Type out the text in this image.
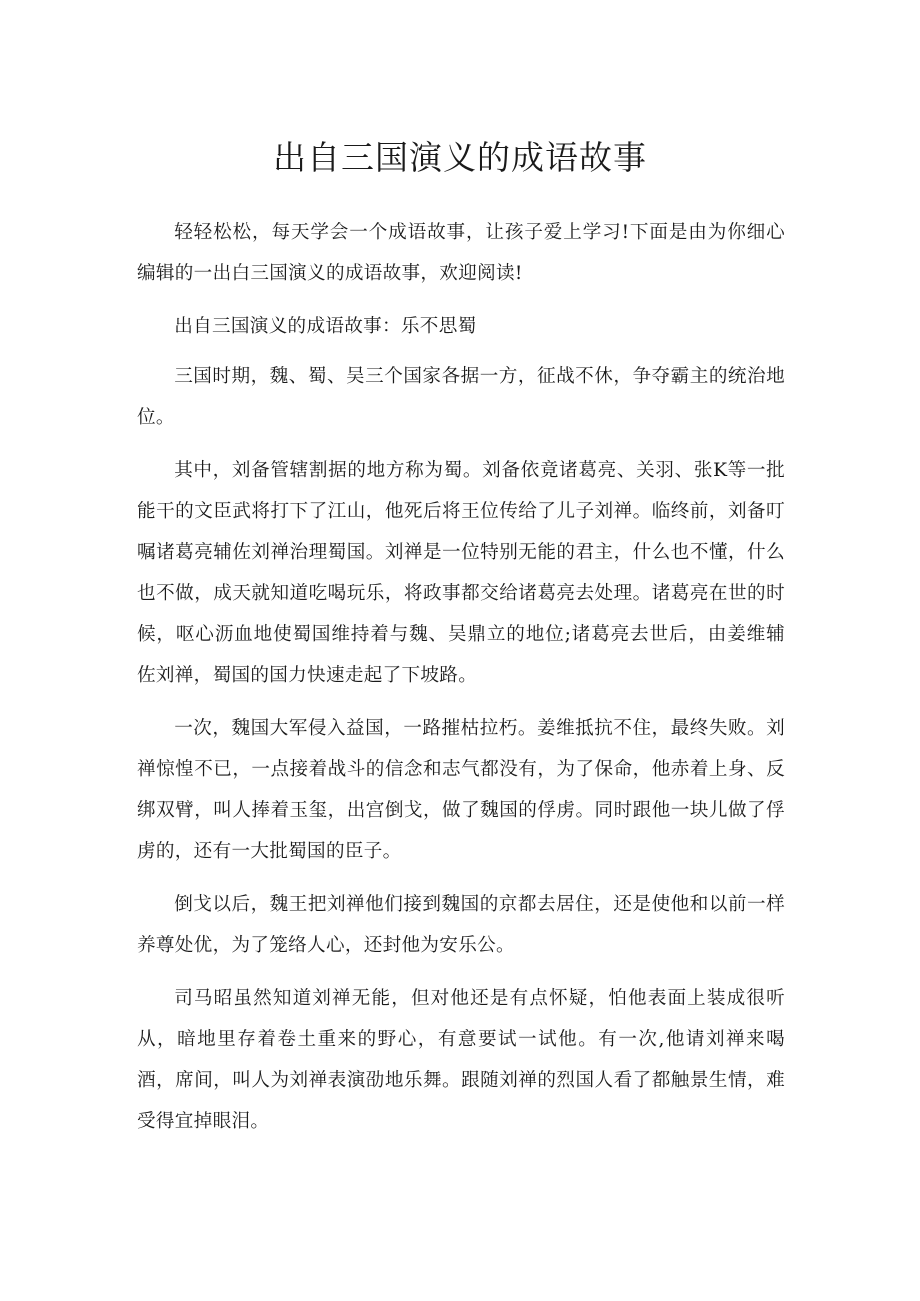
出自三国演义的成语故事

轻轻松松，每天学会一个成语故事，让孩子爱上学习!下面是由为你细心编辑的一出白三国演义的成语故事，欢迎阅读!

出自三国演义的成语故事：乐不思蜀

三国时期，魏、蜀、吴三个国家各据一方，征战不休，争夺霸主的统治地位。

其中，刘备管辖割据的地方称为蜀。刘备依竟诸葛亮、关羽、张K等一批能干的文臣武将打下了江山，他死后将王位传给了儿子刘禅。临终前，刘备叮嘱诸葛亮辅佐刘禅治理蜀国。刘禅是一位特别无能的君主，什么也不懂，什么也不做，成天就知道吃喝玩乐，将政事都交给诸葛亮去处理。诸葛亮在世的时候，呕心沥血地使蜀国维持着与魏、吴鼎立的地位;诸葛亮去世后，由姜维辅佐刘禅，蜀国的国力快速走起了下坡路。

一次，魏国大军侵入益国，一路摧枯拉朽。姜维抵抗不住，最终失败。刘禅惊惶不已，一点接着战斗的信念和志气都没有，为了保命，他赤着上身、反绑双臂，叫人捧着玉玺，出宫倒戈，做了魏国的俘虏。同时跟他一块儿做了俘虏的，还有一大批蜀国的臣子。

倒戈以后，魏王把刘禅他们接到魏国的京都去居住，还是使他和以前一样养尊处优，为了笼络人心，还封他为安乐公。

司马昭虽然知道刘禅无能，但对他还是有点怀疑，怕他表面上装成很听从，暗地里存着卷土重来的野心，有意要试一试他。有一次,他请刘禅来喝酒，席间，叫人为刘禅表演劭地乐舞。跟随刘禅的烈国人看了都触景生情，难受得宜掉眼泪。
